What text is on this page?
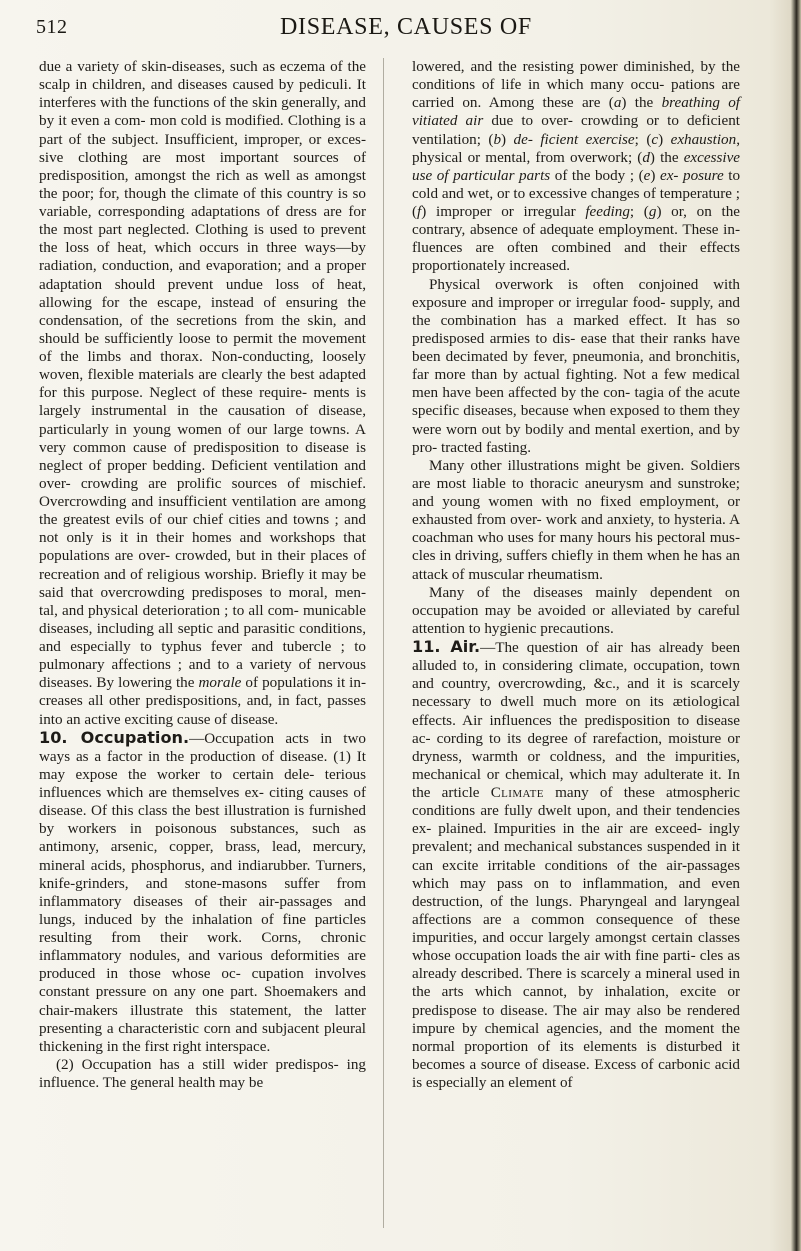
512	DISEASE, CAUSES OF

due a variety of skin-diseases, such as eczema of the scalp in children, and diseases caused by pediculi. It interferes with the functions of the skin generally, and by it even a com- mon cold is modified. Clothing is a part of the subject. Insufficient, improper, or exces- sive clothing are most important sources of predisposition, amongst the rich as well as amongst the poor; for, though the climate of this country is so variable, corresponding adaptations of dress are for the most part neglected. Clothing is used to prevent the loss of heat, which occurs in three ways—by radiation, conduction, and evaporation; and a proper adaptation should prevent undue loss of heat, allowing for the escape, instead of ensuring the condensation, of the secretions from the skin, and should be sufficiently loose to permit the movement of the limbs and thorax. Non-conducting, loosely woven, flexible materials are clearly the best adapted for this purpose. Neglect of these require- ments is largely instrumental in the causation of disease, particularly in young women of our large towns. A very common cause of predisposition to disease is neglect of proper bedding. Deficient ventilation and over- crowding are prolific sources of mischief. Overcrowding and insufficient ventilation are among the greatest evils of our chief cities and towns ; and not only is it in their homes and workshops that populations are over- crowded, but in their places of recreation and of religious worship. Briefly it may be said that overcrowding predisposes to moral, men- tal, and physical deterioration ; to all com- municable diseases, including all septic and parasitic conditions, and especially to typhus fever and tubercle ; to pulmonary affections ; and to a variety of nervous diseases. By lowering the morale of populations it in- creases all other predispositions, and, in fact, passes into an active exciting cause of disease.

10. Occupation.—Occupation acts in two ways as a factor in the production of disease. (1) It may expose the worker to certain dele- terious influences which are themselves ex- citing causes of disease. Of this class the best illustration is furnished by workers in poisonous substances, such as antimony, arsenic, copper, brass, lead, mercury, mineral acids, phosphorus, and indiarubber. Turners, knife-grinders, and stone-masons suffer from inflammatory diseases of their air-passages and lungs, induced by the inhalation of fine particles resulting from their work. Corns, chronic inflammatory nodules, and various deformities are produced in those whose oc- cupation involves constant pressure on any one part. Shoemakers and chair-makers illustrate this statement, the latter presenting a characteristic corn and subjacent pleural thickening in the first right interspace.

(2) Occupation has a still wider predispos- ing influence. The general health may be

lowered, and the resisting power diminished, by the conditions of life in which many occu- pations are carried on. Among these are (a) the breathing of vitiated air due to over- crowding or to deficient ventilation; (b) de- ficient exercise; (c) exhaustion, physical or mental, from overwork; (d) the excessive use of particular parts of the body ; (e) ex- posure to cold and wet, or to excessive changes of temperature ; (f) improper or irregular feeding; (g) or, on the contrary, absence of adequate employment. These in- fluences are often combined and their effects proportionately increased.

Physical overwork is often conjoined with exposure and improper or irregular food- supply, and the combination has a marked effect. It has so predisposed armies to dis- ease that their ranks have been decimated by fever, pneumonia, and bronchitis, far more than by actual fighting. Not a few medical men have been affected by the con- tagia of the acute specific diseases, because when exposed to them they were worn out by bodily and mental exertion, and by pro- tracted fasting.

Many other illustrations might be given. Soldiers are most liable to thoracic aneurysm and sunstroke; and young women with no fixed employment, or exhausted from over- work and anxiety, to hysteria. A coachman who uses for many hours his pectoral mus- cles in driving, suffers chiefly in them when he has an attack of muscular rheumatism.

Many of the diseases mainly dependent on occupation may be avoided or alleviated by careful attention to hygienic precautions.

11. Air.—The question of air has already been alluded to, in considering climate, occupation, town and country, overcrowding, &c., and it is scarcely necessary to dwell much more on its ætiological effects. Air influences the predisposition to disease ac- cording to its degree of rarefaction, moisture or dryness, warmth or coldness, and the impurities, mechanical or chemical, which may adulterate it. In the article Climate many of these atmospheric conditions are fully dwelt upon, and their tendencies ex- plained. Impurities in the air are exceed- ingly prevalent; and mechanical substances suspended in it can excite irritable conditions of the air-passages which may pass on to inflammation, and even destruction, of the lungs. Pharyngeal and laryngeal affections are a common consequence of these impurities, and occur largely amongst certain classes whose occupation loads the air with fine parti- cles as already described. There is scarcely a mineral used in the arts which cannot, by inhalation, excite or predispose to disease. The air may also be rendered impure by chemical agencies, and the moment the normal proportion of its elements is disturbed it becomes a source of disease. Excess of carbonic acid is especially an element of
